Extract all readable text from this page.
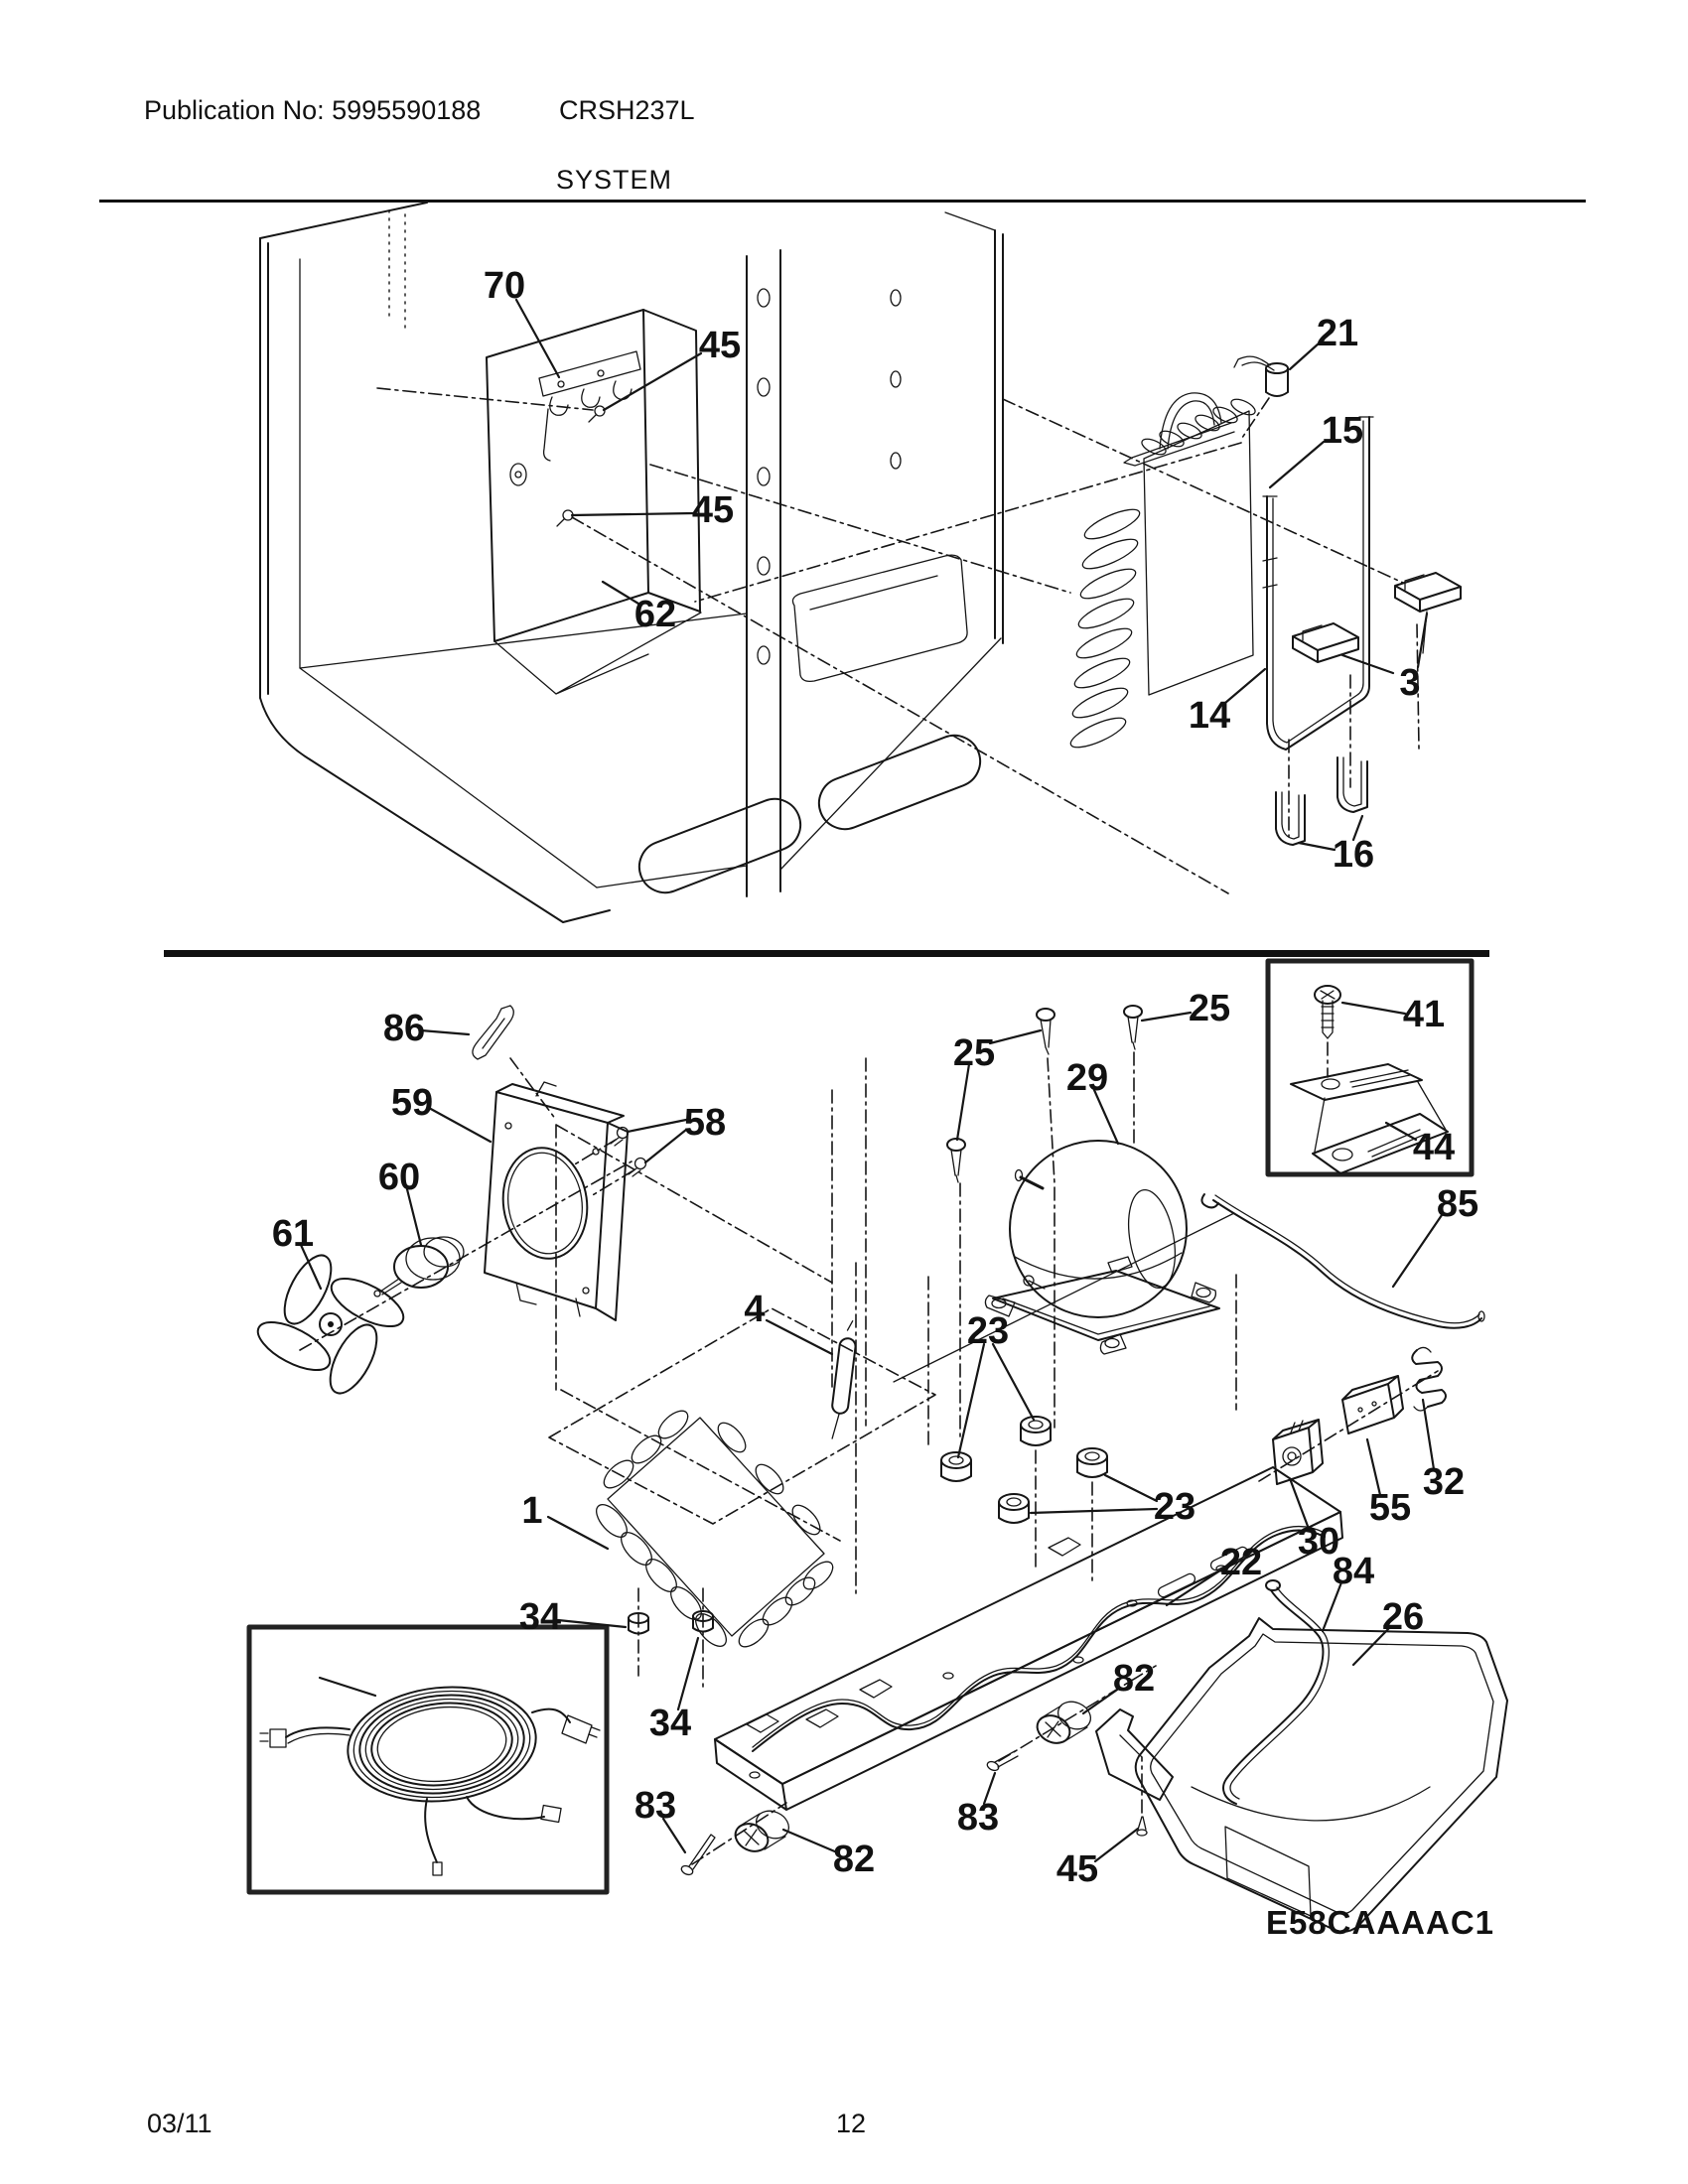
Publication No: 5995590188	CRSH237L
SYSTEM
E58CAAAAC1
70
45
45
62
21
15
3
14
16
86
59	58
60
61
25
25
29
41
44
85
4
23
23
1
34
34
30
55
32
22 84
26
82
82
83	83
45
03/11	12
